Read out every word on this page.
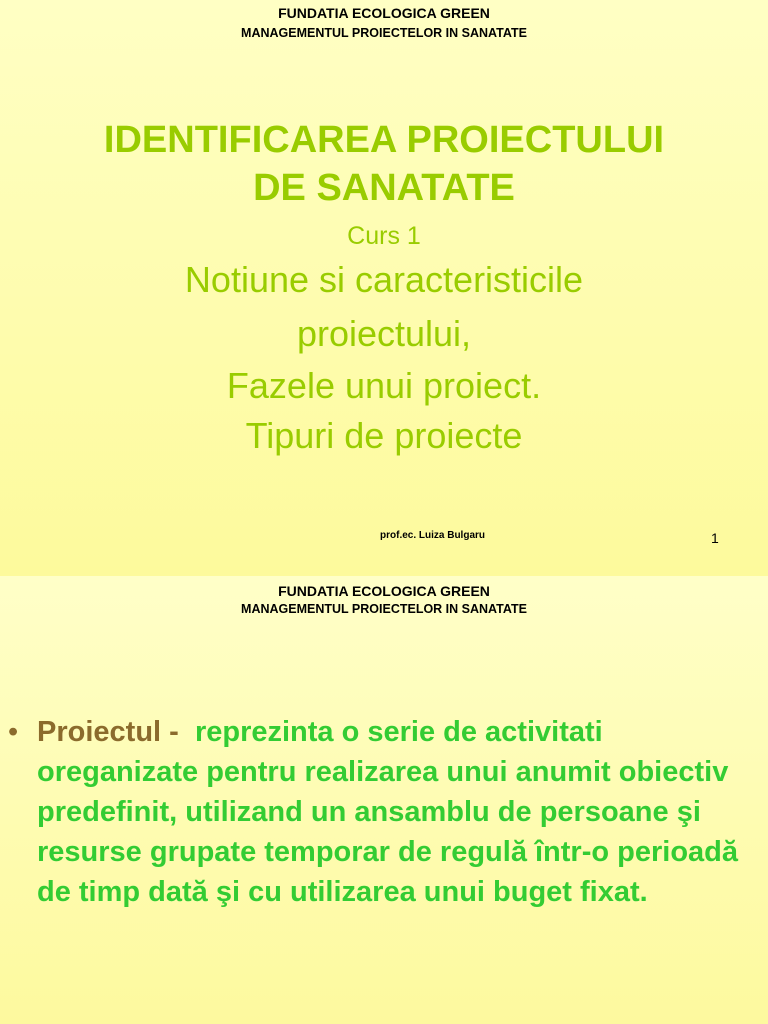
FUNDATIA ECOLOGICA GREEN
MANAGEMENTUL PROIECTELOR IN SANATATE
IDENTIFICAREA PROIECTULUI
DE SANATATE
Curs 1
Notiune si caracteristicile
proiectului,
Fazele unui proiect.
Tipuri de proiecte
prof.ec. Luiza Bulgaru	1
FUNDATIA ECOLOGICA GREEN
MANAGEMENTUL PROIECTELOR IN SANATATE
• Proiectul - reprezinta o serie de activitati oreganizate pentru realizarea unui anumit obiectiv predefinit, utilizand un ansamblu de persoane şi resurse grupate temporar de regulă într-o perioadă de timp dată şi cu utilizarea unui buget fixat.
